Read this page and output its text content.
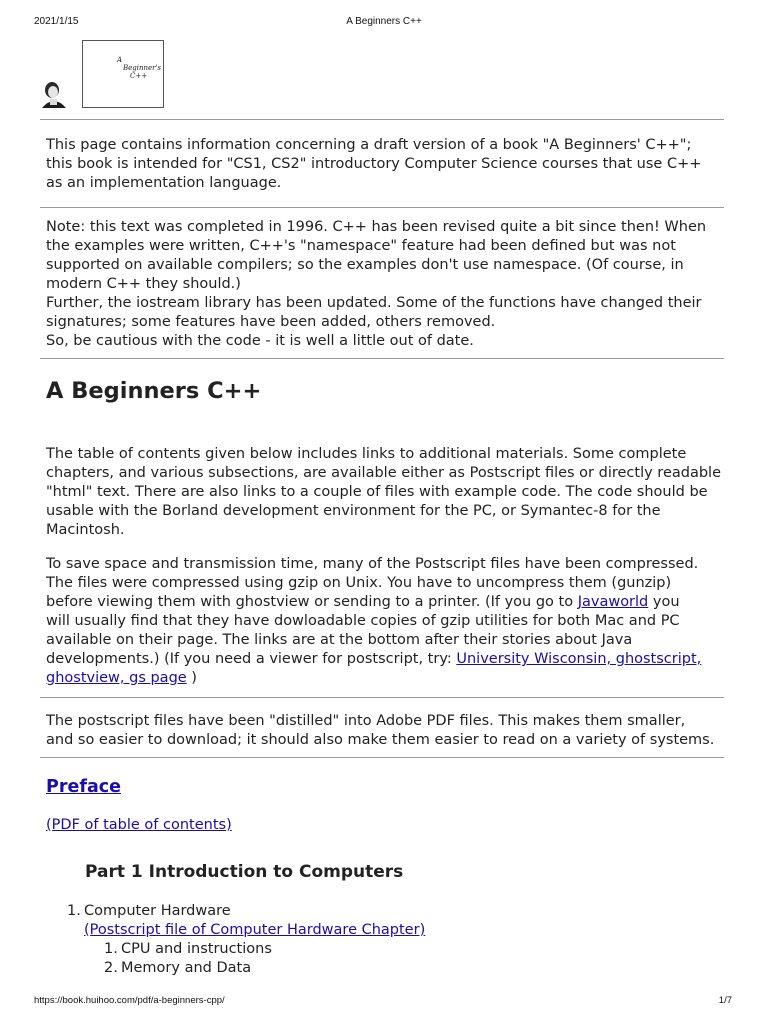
2021/1/15	A Beginners C++
A
Beginner's
C++

This page contains information concerning a draft version of a book "A Beginners' C++";
this book is intended for "CS1, CS2" introductory Computer Science courses that use C++
as an implementation language.

Note: this text was completed in 1996. C++ has been revised quite a bit since then! When
the examples were written, C++'s "namespace" feature had been defined but was not
supported on available compilers; so the examples don't use namespace. (Of course, in
modern C++ they should.)
Further, the iostream library has been updated. Some of the functions have changed their
signatures; some features have been added, others removed.
So, be cautious with the code - it is well a little out of date.

A Beginners C++

The table of contents given below includes links to additional materials. Some complete
chapters, and various subsections, are available either as Postscript files or directly readable
"html" text. There are also links to a couple of files with example code. The code should be
usable with the Borland development environment for the PC, or Symantec-8 for the
Macintosh.

To save space and transmission time, many of the Postscript files have been compressed.
The files were compressed using gzip on Unix. You have to uncompress them (gunzip)
before viewing them with ghostview or sending to a printer. (If you go to Javaworld you
will usually find that they have dowloadable copies of gzip utilities for both Mac and PC
available on their page. The links are at the bottom after their stories about Java
developments.) (If you need a viewer for postscript, try: University Wisconsin, ghostscript,
ghostview, gs page )

The postscript files have been "distilled" into Adobe PDF files. This makes them smaller,
and so easier to download; it should also make them easier to read on a variety of systems.

Preface
(PDF of table of contents)
Part 1 Introduction to Computers
1. Computer Hardware
(Postscript file of Computer Hardware Chapter)
1. CPU and instructions
2. Memory and Data
https://book.huihoo.com/pdf/a-beginners-cpp/	1/7
